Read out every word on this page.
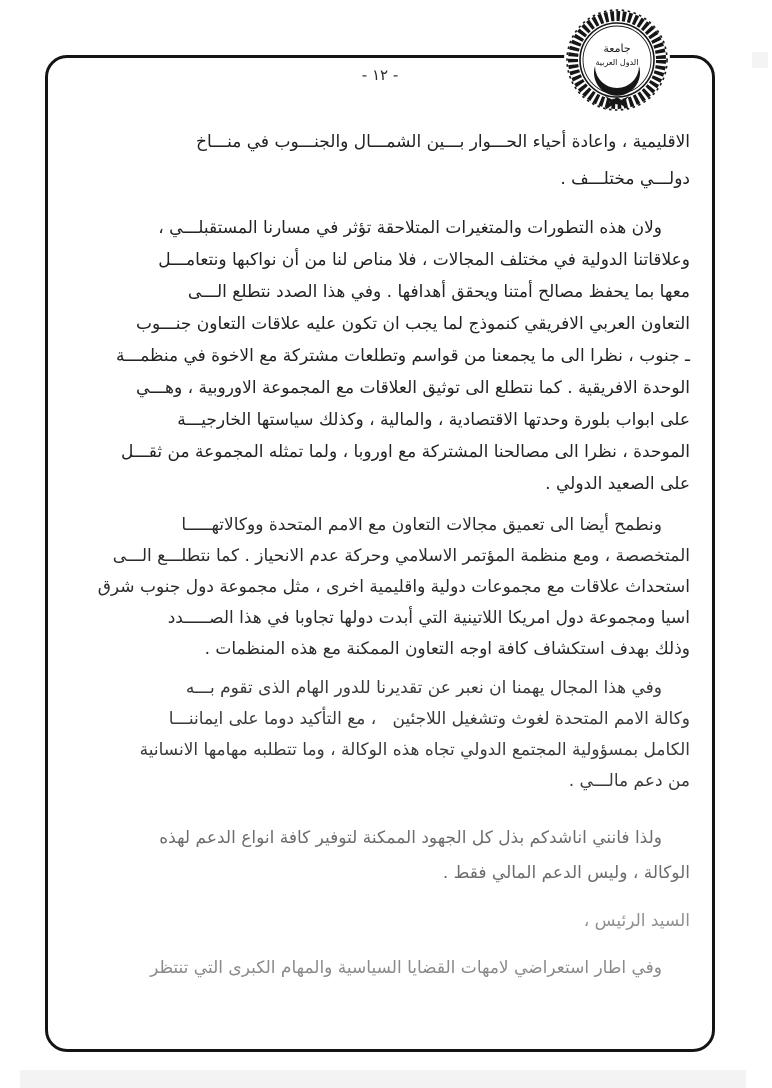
جامعة
الدول العربية
- ١٢ -
الاقليمية ، واعادة أحياء الحـــوار بـــين الشمـــال والجنـــوب في منـــاخ
دولـــي مختلـــف .
ولان هذه التطورات والمتغيرات المتلاحقة تؤثر في مسارنا المستقبلـــي ،
وعلاقاتنا الدولية في مختلف المجالات ، فلا مناص لنا من أن نواكبها ونتعامـــل
معها بما يحفظ مصالح أمتنا ويحقق أهدافها . وفي هذا الصدد نتطلع الـــى
التعاون العربي الافريقي كنموذج لما يجب ان تكون عليه علاقات التعاون جنـــوب
ـ جنوب ، نظرا الى ما يجمعنا من قواسم وتطلعات مشتركة مع الاخوة في منظمـــة
الوحدة الافريقية . كما نتطلع الى توثيق العلاقات مع المجموعة الاوروبية ، وهـــي
على ابواب بلورة وحدتها الاقتصادية ، والمالية ، وكذلك سياستها الخارجيـــة
الموحدة ، نظرا الى مصالحنا المشتركة مع اوروبا ، ولما تمثله المجموعة من ثقـــل
على الصعيد الدولي .
ونطمح أيضا الى تعميق مجالات التعاون مع الامم المتحدة ووكالاتهـــــا
المتخصصة ، ومع منظمة المؤتمر الاسلامي وحركة عدم الانحياز . كما نتطلـــع الـــى
استحداث علاقات مع مجموعات دولية واقليمية اخرى ، مثل مجموعة دول جنوب شرق
اسيا ومجموعة دول امريكا اللاتينية التي أبدت دولها تجاوبا في هذا الصـــــدد
وذلك بهدف استكشاف كافة اوجه التعاون الممكنة مع هذه المنظمات .
وفي هذا المجال يهمنا ان نعبر عن تقديرنا للدور الهام الذى تقوم بـــه
وكالة الامم المتحدة لغوث وتشغيل اللاجئين   ، مع التأكيد دوما على ايماننـــا
الكامل بمسؤولية المجتمع الدولي تجاه هذه الوكالة ، وما تتطلبه مهامها الانسانية
من دعم مالـــي .
ولذا فانني اناشدكم بذل كل الجهود الممكنة لتوفير كافة انواع الدعم لهذه
الوكالة ، وليس الدعم المالي فقط .
السيد الرئيس ،
وفي اطار استعراضي لامهات القضايا السياسية والمهام الكبرى التي تنتظر
